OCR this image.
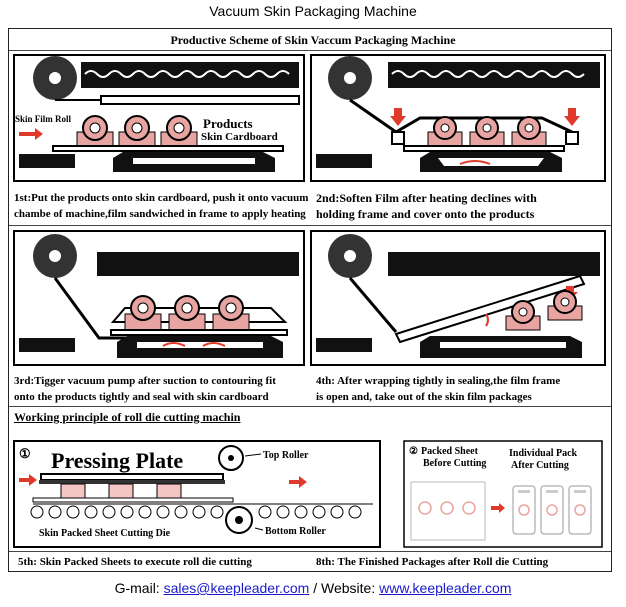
Vacuum Skin Packaging Machine
Productive Scheme of Skin Vaccum Packaging Machine
Skin Film Roll	Products
Skin Cardboard
1st:Put the products onto skin cardboard, push it onto vacuum
chambe of machine,film sandwiched in frame to apply heating
2nd:Soften Film after heating declines with
holding frame and cover onto the products
3rd:Tigger vacuum pump after suction to contouring fit
onto the products tightly and seal with skin cardboard
4th: After wrapping tightly in sealing,the film frame
is open and, take out of the skin film packages
Working principle of roll die cutting machin
① Pressing Plate	Top Roller
Skin Packed Sheet Cutting Die	Bottom Roller
② Packed Sheet
Before Cutting
Individual Pack
After Cutting
5th: Skin Packed Sheets to execute roll die cutting	8th: The Finished Packages after Roll die Cutting
G-mail: sales@keepleader.com / Website: www.keepleader.com
